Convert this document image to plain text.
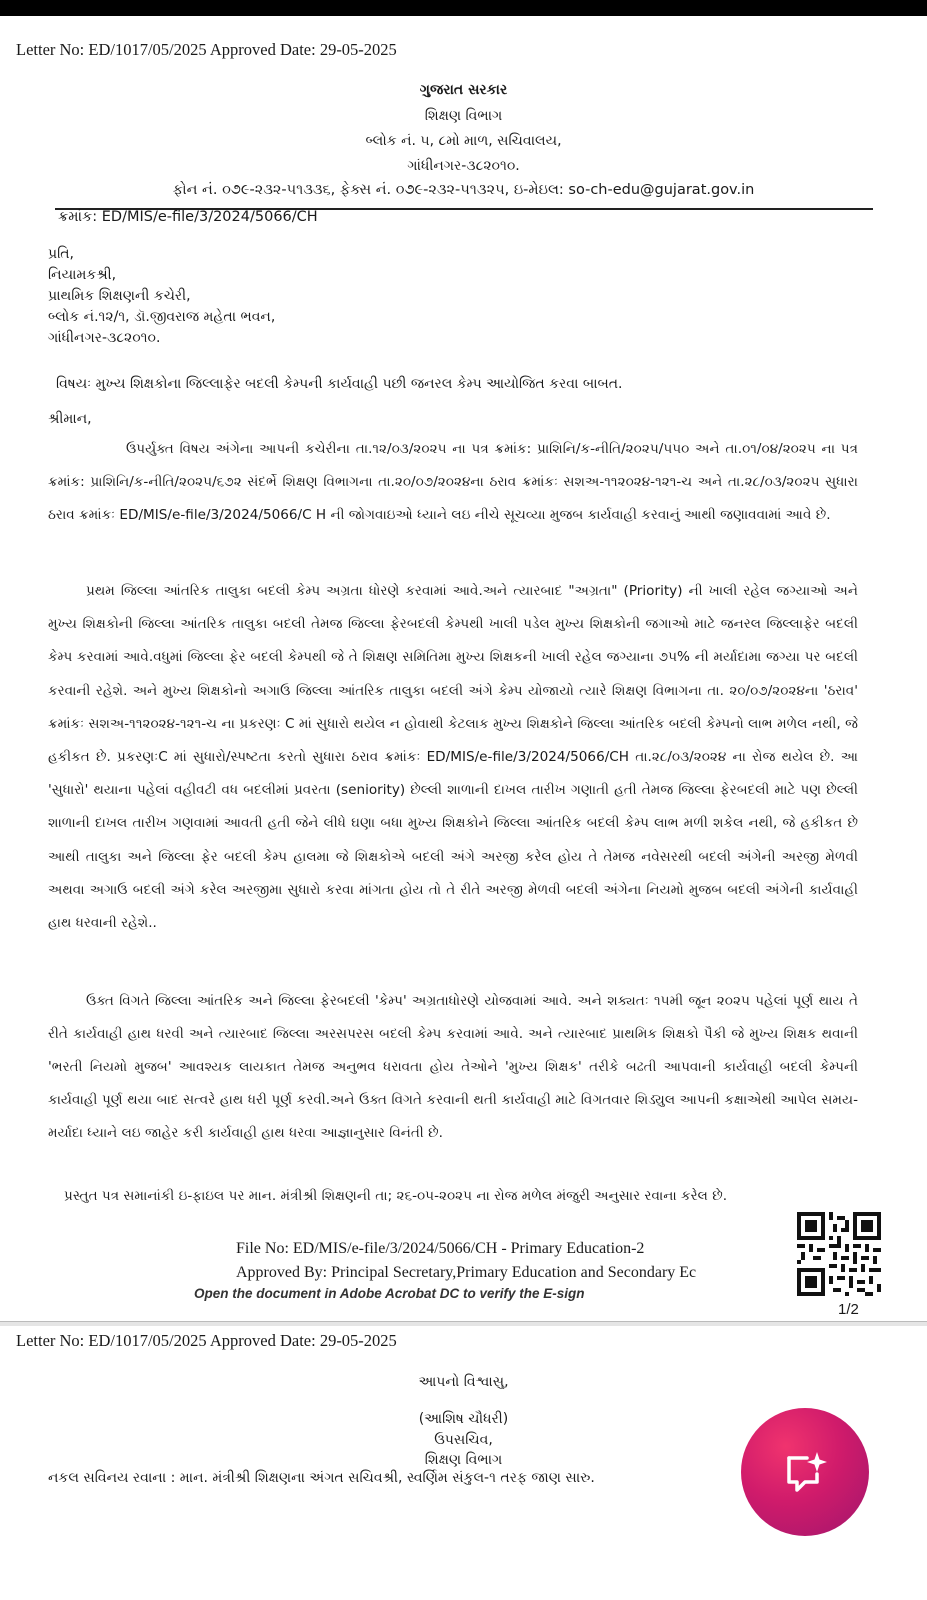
Letter No: ED/1017/05/2025 Approved Date: 29-05-2025
ગુજરાત સરકાર
શિક્ષણ વિભાગ
બ્લોક નં. ૫, ૮મો માળ, સચિવાલય,
ગાંધીનગર-૩૮૨૦૧૦.
ફોન નં. ૦૭૯-૨૩૨-૫૧૩૩૬, ફેક્સ નં. ૦૭૯-૨૩૨-૫૧૩૨૫, ઇ-મેઇલ: so-ch-edu@gujarat.gov.in
ક્રમાંક: ED/MIS/e-file/3/2024/5066/CH
પ્રતિ,
નિયામકશ્રી,
પ્રાથમિક શિક્ષણની કચેરી,
બ્લોક નં.૧૨/૧, ડૉ.જીવરાજ મહેતા ભવન,
ગાંધીનગર-૩૮૨૦૧૦.
વિષયઃ મુખ્ય શિક્ષકોના જિલ્લાફેર બદલી કેમ્પની કાર્યવાહી પછી જનરલ કેમ્પ આયોજિત કરવા બાબત.
શ્રીમાન,
ઉપર્યુક્ત વિષય અંગેના આપની કચેરીના તા.૧૨/૦૩/૨૦૨૫ ના પત્ર ક્રમાંક: પ્રાશિનિ/ક-નીતિ/૨૦૨૫/૫૫૦ અને તા.૦૧/૦૪/૨૦૨૫ ના પત્ર ક્રમાંક: પ્રાશિનિ/ક-નીતિ/૨૦૨૫/૬૭૨ સંદર્ભે શિક્ષણ વિભાગના તા.૨૦/૦૭/૨૦૨૪ના ઠરાવ ક્રમાંકઃ સશઅ-૧૧૨૦૨૪-૧૨૧-ચ અને તા.૨૮/૦૩/૨૦૨૫ સુધારા ઠરાવ ક્રમાંકઃ ED/MIS/e-file/3/2024/5066/C H ની જોગવાઇઓ ધ્યાને લઇ નીચે સૂચવ્યા મુજબ કાર્યવાહી કરવાનું આથી જણાવવામાં આવે છે.
પ્રથમ જિલ્લા આંતરિક તાલુકા બદલી કેમ્પ અગ્રતા ધોરણે કરવામાં આવે.અને ત્યારબાદ "અગ્રતા" (Priority) ની ખાલી રહેલ જગ્યાઓ અને મુખ્ય શિક્ષકોની જિલ્લા આંતરિક તાલુકા બદલી તેમજ જિલ્લા ફેરબદલી કેમ્પથી ખાલી પડેલ મુખ્ય શિક્ષકોની જગાઓ માટે જનરલ જિલ્લાફેર બદલી કેમ્પ કરવામાં આવે.વધુમાં જિલ્લા ફેર બદલી કેમ્પથી જે તે શિક્ષણ સમિતિમા મુખ્ય શિક્ષકની ખાલી રહેલ જગ્યાના ૭૫% ની મર્યાદામા જગ્યા પર બદલી કરવાની રહેશે. અને મુખ્ય શિક્ષકોનો અગાઉ જિલ્લા આંતરિક તાલુકા બદલી અંગે કેમ્પ યોજાયો ત્યારે શિક્ષણ વિભાગના તા. ૨૦/૦૭/૨૦૨૪ના 'ઠરાવ' ક્રમાંકઃ સશઅ-૧૧૨૦૨૪-૧૨૧-ચ ના પ્રકરણઃ C માં સુધારો થયેલ ન હોવાથી કેટલાક મુખ્ય શિક્ષકોને જિલ્લા આંતરિક બદલી કેમ્પનો લાભ મળેલ નથી, જે હકીકત છે. પ્રકરણઃC માં સુધારો/સ્પષ્ટતા કરતો સુધારા ઠરાવ ક્રમાંકઃ ED/MIS/e-file/3/2024/5066/CH તા.૨૮/૦૩/૨૦૨૪ ના રોજ થયેલ છે. આ 'સુધારો' થયાના પહેલાં વહીવટી વધ બદલીમાં પ્રવરતા (seniority) છેલ્લી શાળાની દાખલ તારીખ ગણાતી હતી તેમજ જિલ્લા ફેરબદલી માટે પણ છેલ્લી શાળાની દાખલ તારીખ ગણવામાં આવતી હતી જેને લીધે ઘણા બધા મુખ્ય શિક્ષકોને જિલ્લા આંતરિક બદલી કેમ્પ લાભ મળી શકેલ નથી, જે હકીકત છે આથી તાલુકા અને જિલ્લા ફેર બદલી કેમ્પ હાલમા જે શિક્ષકોએ બદલી અંગે અરજી કરેલ હોય તે તેમજ નવેસરથી બદલી અંગેની અરજી મેળવી અથવા અગાઉ બદલી અંગે કરેલ અરજીમા સુધારો કરવા માંગતા હોય તો તે રીતે અરજી મેળવી બદલી અંગેના નિયમો મુજબ બદલી અંગેની કાર્યવાહી હાથ ધરવાની રહેશે..
ઉક્ત વિગતે જિલ્લા આંતરિક અને જિલ્લા ફેરબદલી 'કેમ્પ' અગ્રતાધોરણે યોજવામાં આવે. અને શક્યતઃ ૧૫મી જૂન ૨૦૨૫ પહેલાં પૂર્ણ થાય તે રીતે કાર્યવાહી હાથ ધરવી અને ત્યારબાદ જિલ્લા અરસપરસ બદલી કેમ્પ કરવામાં આવે. અને ત્યારબાદ પ્રાથમિક શિક્ષકો પૈકી જે મુખ્ય શિક્ષક થવાની 'ભરતી નિયમો મુજબ' આવશ્યક લાયકાત તેમજ અનુભવ ધરાવતા હોય તેઓને 'મુખ્ય શિક્ષક' તરીકે બઢતી આપવાની કાર્યવાહી બદલી કેમ્પની કાર્યવાહી પૂર્ણ થયા બાદ સત્વરે હાથ ધરી પૂર્ણ કરવી.અને ઉક્ત વિગતે કરવાની થતી કાર્યવાહી માટે વિગતવાર શિડ્યુલ આપની કક્ષાએથી આપેલ સમય-મર્યાદા ધ્યાને લઇ જાહેર કરી કાર્યવાહી હાથ ધરવા આજ્ઞાનુસાર વિનંતી છે.
પ્રસ્તુત પત્ર સમાનાંકી ઇ-ફાઇલ પર માન. મંત્રીશ્રી શિક્ષણની તા; ૨૬-૦૫-૨૦૨૫ ના રોજ મળેલ મંજુરી અનુસાર રવાના કરેલ છે.
File No: ED/MIS/e-file/3/2024/5066/CH - Primary Education-2
Approved By: Principal Secretary,Primary Education and Secondary Ec
Open the document in Adobe Acrobat DC to verify the E-sign
1/2
Letter No: ED/1017/05/2025 Approved Date: 29-05-2025
આપનો વિશ્વાસુ,
(આશિષ ચૌધરી)
ઉપસચિવ,
શિક્ષણ વિભાગ
નકલ સવિનય રવાના : માન. મંત્રીશ્રી શિક્ષણના અંગત સચિવશ્રી, સ્વર્ણિમ સંકુલ-૧ તરફ જાણ સારુ.
